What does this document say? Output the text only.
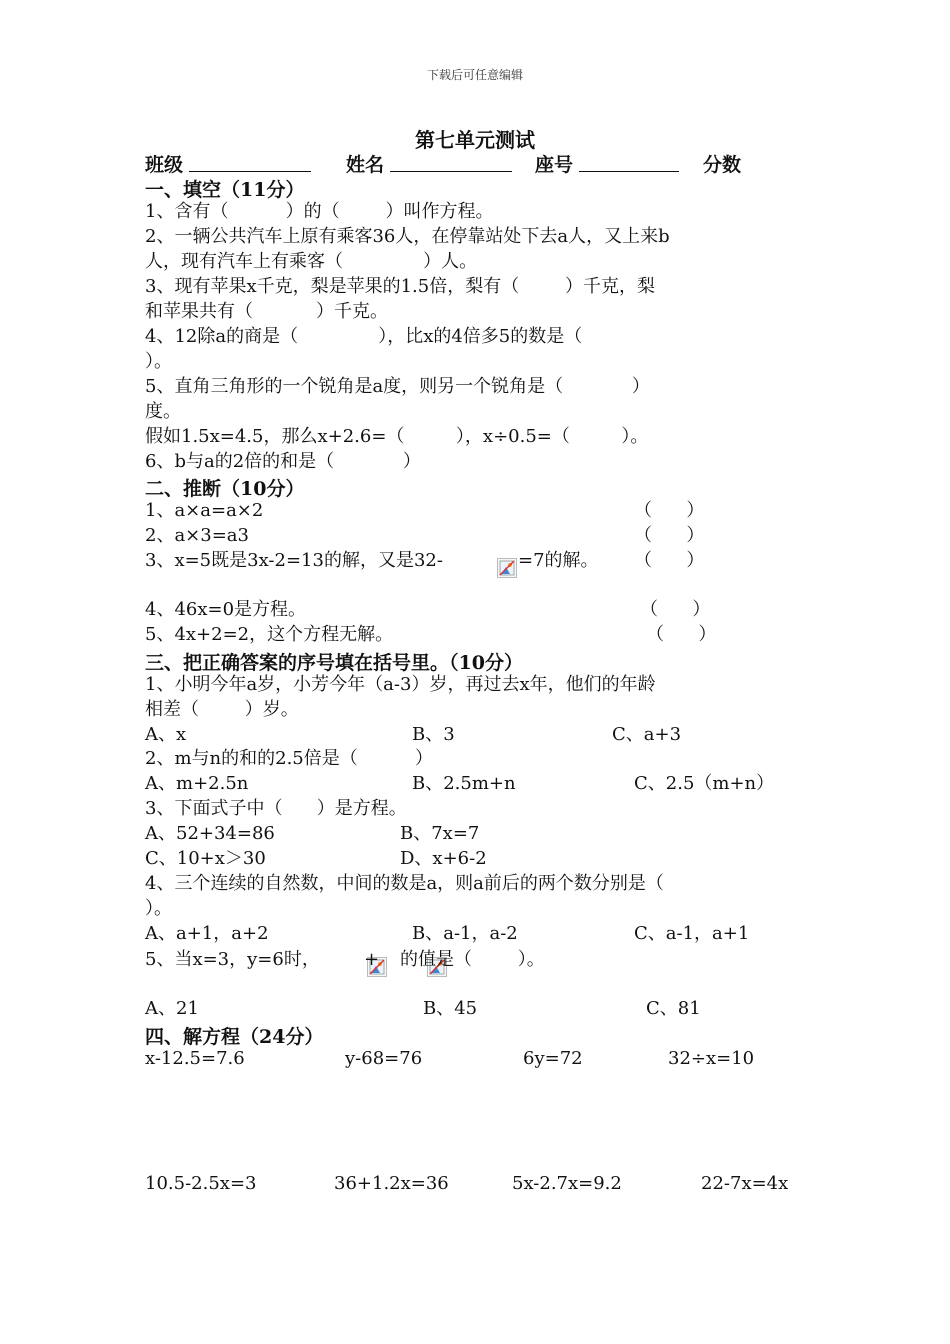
下载后可任意编辑
第七单元测试
班级	姓名	座号	分数
一、填空（11分）
1、含有（          ）的（        ）叫作方程。
2、一辆公共汽车上原有乘客36人，在停靠站处下去a人，又上来b
人，现有汽车上有乘客（              ）人。
3、现有苹果x千克，梨是苹果的1.5倍，梨有（        ）千克，梨
和苹果共有（           ）千克。
4、12除a的商是（              ），比x的4倍多5的数是（
）。
5、直角三角形的一个锐角是a度，则另一个锐角是（            ）
度。
假如1.5x=4.5，那么x+2.6=（         ），x÷0.5=（         ）。
6、b与a的2倍的和是（            ）
二、推断（10分）
1、a×a=a×2	（      ）
2、a×3=a3	（      ）
3、x=5既是3x-2=13的解，又是32-

	=7的解。 （      ）
4、46x=0是方程。	（      ）
5、4x+2=2，这个方程无解。	（      ）
三、把正确答案的序号填在括号里。（10分）
1、小明今年a岁，小芳今年（a-3）岁，再过去x年，他们的年龄
相差（        ）岁。
A、x	B、3	C、a+3
2、m与n的和的2.5倍是（          ）
A、m+2.5n	B、2.5m+n	C、2.5（m+n）
3、下面式子中（      ）是方程。
A、52+34=86	B、7x=7
C、10+x＞30	D、x+6-2
4、三个连续的自然数，中间的数是a，则a前后的两个数分别是（
）。
A、a+1，a+2	B、a-1，a-2	C、a-1，a+1
5、当x=3，y=6时，

+

的值是（        ）。
A、21	B、45	C、81
四、解方程（24分）
x-12.5=7.6	y-68=76	6y=72	32÷x=10
10.5-2.5x=3	36+1.2x=36	5x-2.7x=9.2	22-7x=4x
